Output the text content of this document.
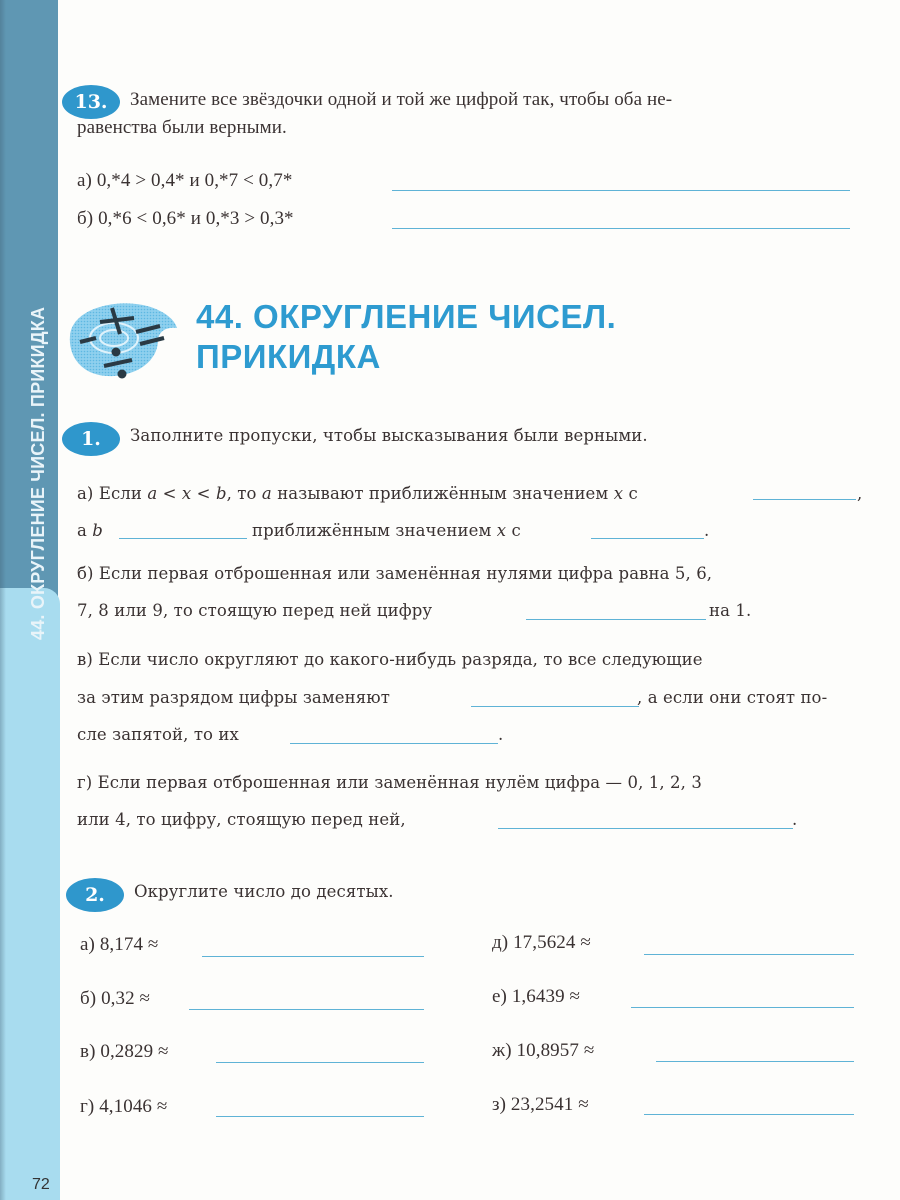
44. ОКРУГЛЕНИЕ ЧИСЕЛ. ПРИКИДКА
72
13.	Замените все звёздочки одной и той же цифрой так, чтобы оба не-
равенства были верными.
а) 0,*4 > 0,4* и 0,*7 < 0,7*
б) 0,*6 < 0,6* и 0,*3 > 0,3*
44. ОКРУГЛЕНИЕ ЧИСЕЛ.
ПРИКИДКА
1.	Заполните пропуски, чтобы высказывания были верными.
а) Если a < x < b, то a называют приближённым значением x с	,
а b	приближённым значением x с	.
б) Если первая отброшенная или заменённая нулями цифра равна 5, 6,
7, 8 или 9, то стоящую перед ней цифру	на 1.
в) Если число округляют до какого-нибудь разряда, то все следующие
за этим разрядом цифры заменяют	, а если они стоят по-
сле запятой, то их	.
г) Если первая отброшенная или заменённая нулём цифра — 0, 1, 2, 3
или 4, то цифру, стоящую перед ней,	.
2.	Округлите число до десятых.
а) 8,174 ≈
б) 0,32 ≈
в) 0,2829 ≈
г) 4,1046 ≈
д) 17,5624 ≈
е) 1,6439 ≈
ж) 10,8957 ≈
з) 23,2541 ≈
